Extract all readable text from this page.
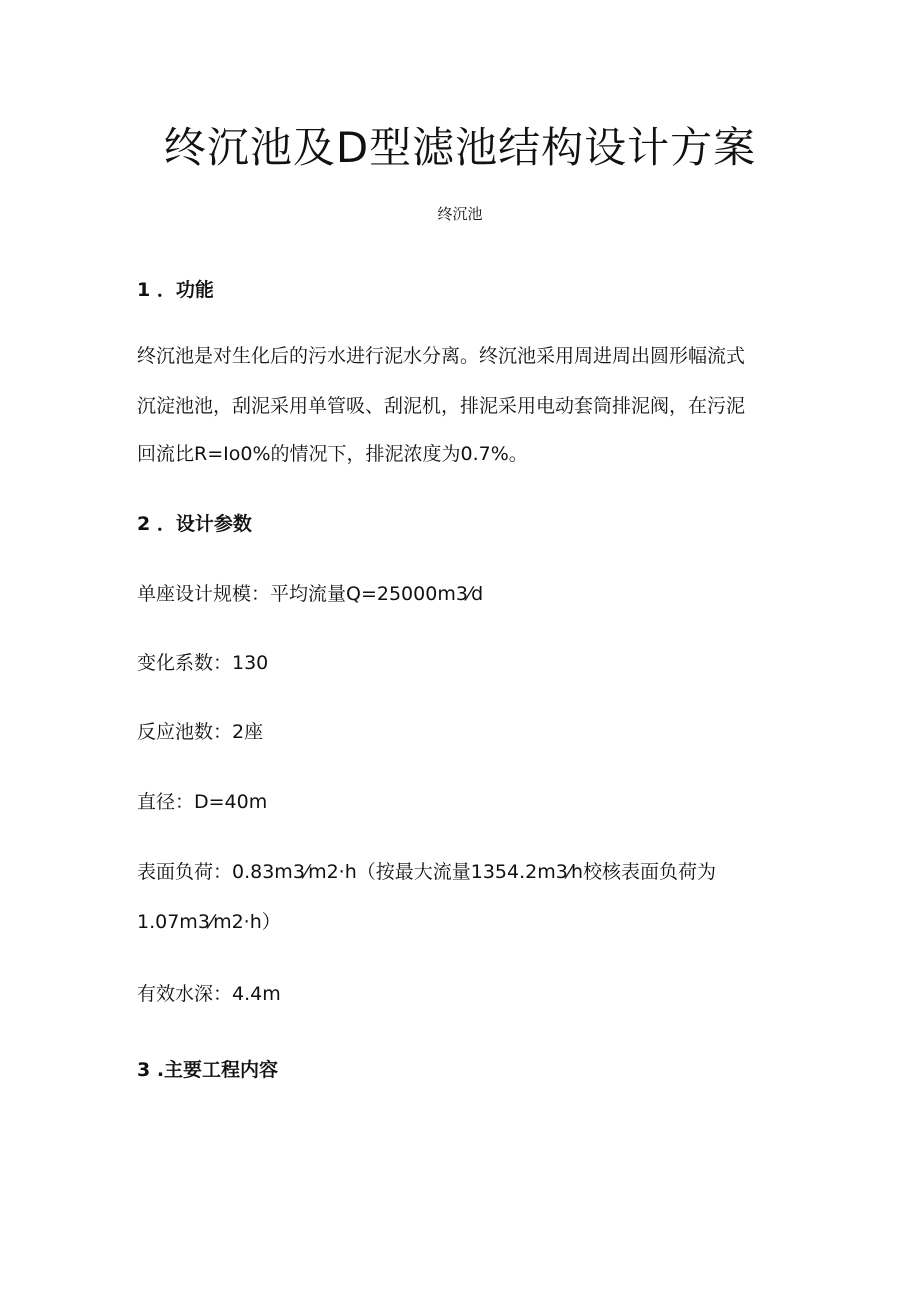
终沉池及D型滤池结构设计方案

终沉池

1 ．功能

终沉池是对生化后的污水进行泥水分离。终沉池采用周进周出圆形幅流式

沉淀池池，刮泥采用单管吸、刮泥机，排泥采用电动套筒排泥阀，在污泥

回流比R=Io0%的情况下，排泥浓度为0.7%。

2 ．设计参数

单座设计规模：平均流量Q=25000m3⁄d

变化系数：130

反应池数：2座

直径：D=40m

表面负荷：0.83m3⁄m2·h（按最大流量1354.2m3⁄h校核表面负荷为

1.07m3⁄m2·h）

有效水深：4.4m

3 .主要工程内容
